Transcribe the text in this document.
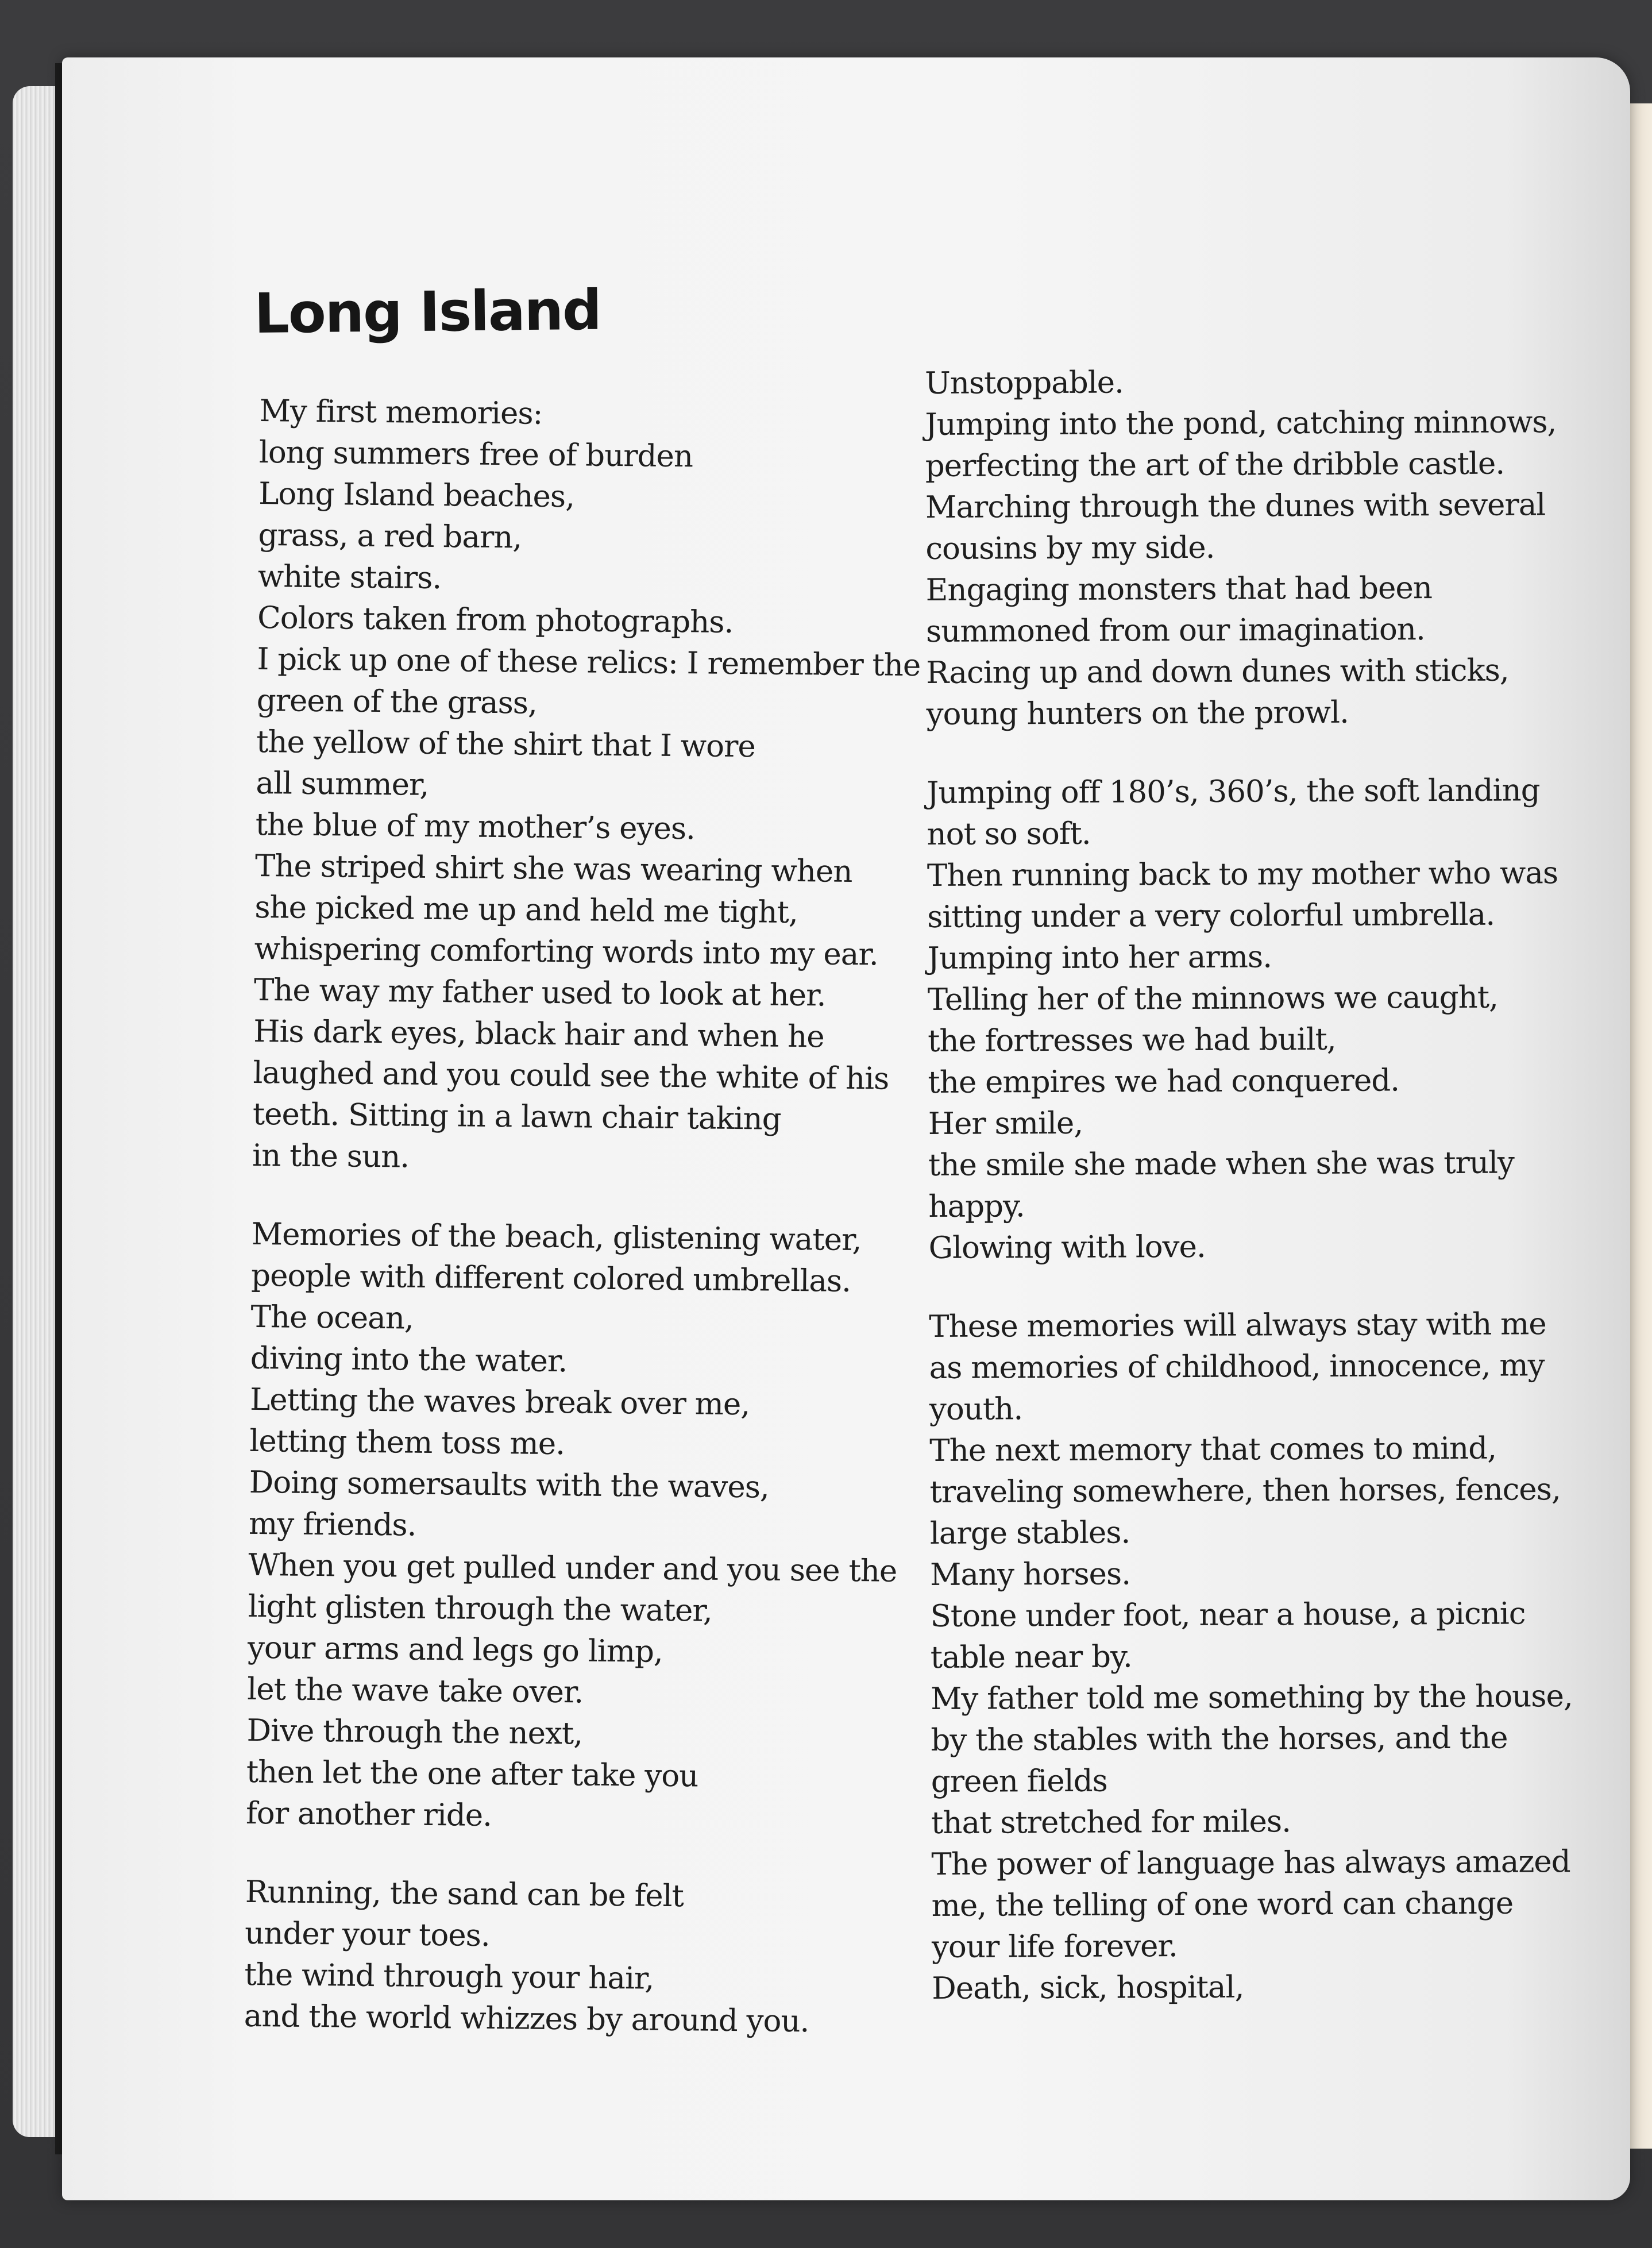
Long Island
My first memories:
long summers free of burden
Long Island beaches,
grass, a red barn,
white stairs.
Colors taken from photographs.
I pick up one of these relics: I remember the
green of the grass,
the yellow of the shirt that I wore
all summer,
the blue of my mother’s eyes.
The striped shirt she was wearing when
she picked me up and held me tight,
whispering comforting words into my ear.
The way my father used to look at her.
His dark eyes, black hair and when he
laughed and you could see the white of his
teeth. Sitting in a lawn chair taking
in the sun.
Memories of the beach, glistening water,
people with different colored umbrellas.
The ocean,
diving into the water.
Letting the waves break over me,
letting them toss me.
Doing somersaults with the waves,
my friends.
When you get pulled under and you see the
light glisten through the water,
your arms and legs go limp,
let the wave take over.
Dive through the next,
then let the one after take you
for another ride.
Running, the sand can be felt
under your toes.
the wind through your hair,
and the world whizzes by around you.
Unstoppable.
Jumping into the pond, catching minnows,
perfecting the art of the dribble castle.
Marching through the dunes with several
cousins by my side.
Engaging monsters that had been
summoned from our imagination.
Racing up and down dunes with sticks,
young hunters on the prowl.
Jumping off 180’s, 360’s, the soft landing
not so soft.
Then running back to my mother who was
sitting under a very colorful umbrella.
Jumping into her arms.
Telling her of the minnows we caught,
the fortresses we had built,
the empires we had conquered.
Her smile,
the smile she made when she was truly
happy.
Glowing with love.
These memories will always stay with me
as memories of childhood, innocence, my
youth.
The next memory that comes to mind,
traveling somewhere, then horses, fences,
large stables.
Many horses.
Stone under foot, near a house, a picnic
table near by.
My father told me something by the house,
by the stables with the horses, and the
green fields
that stretched for miles.
The power of language has always amazed
me, the telling of one word can change
your life forever.
Death, sick, hospital,
